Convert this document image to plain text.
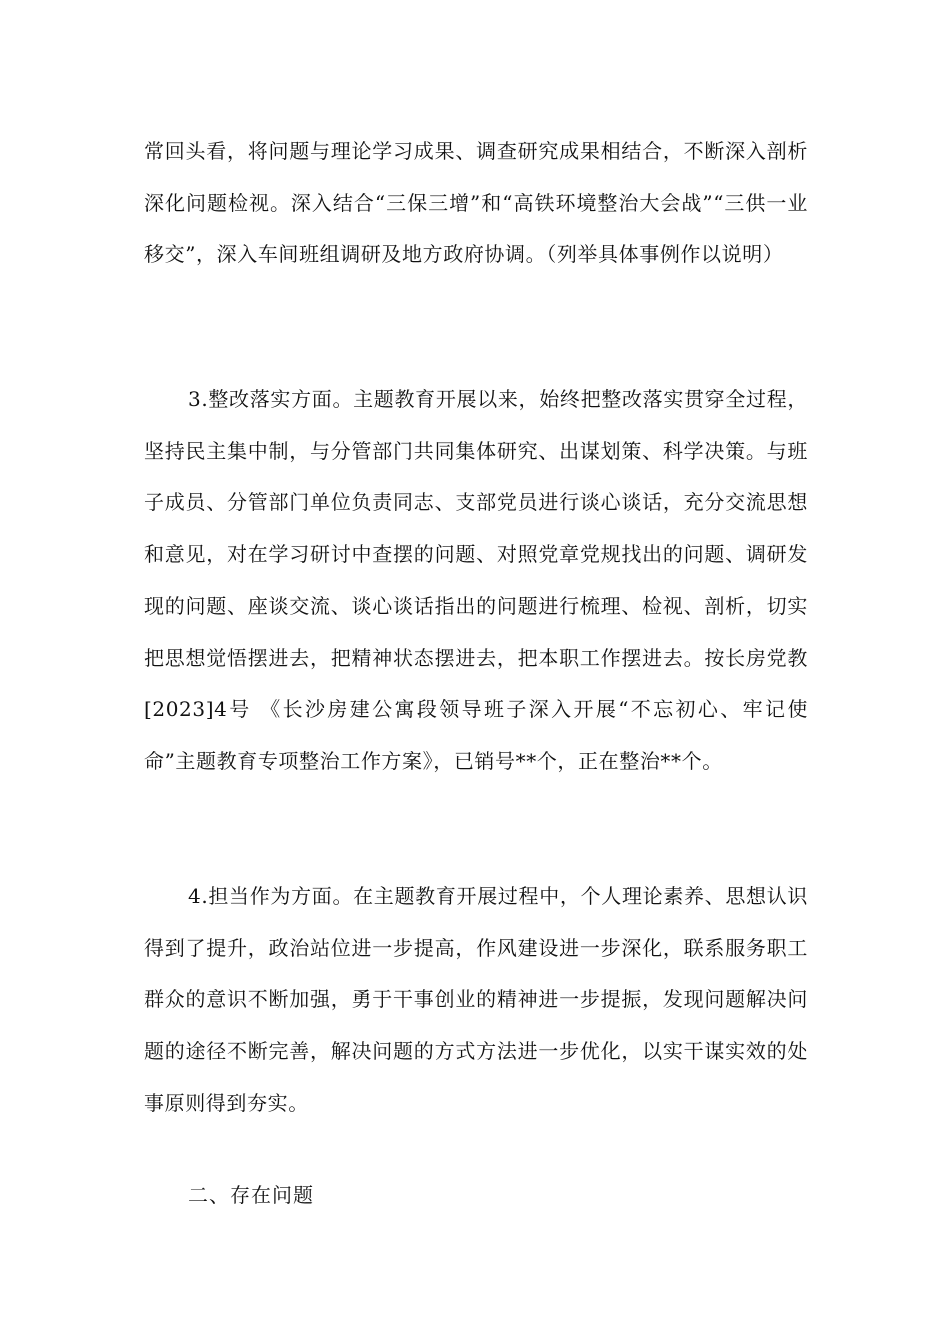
常回头看，将问题与理论学习成果、调查研究成果相结合，不断深入剖析深化问题检视。深入结合“三保三增”和“高铁环境整治大会战”“三供一业移交”，深入车间班组调研及地方政府协调。（列举具体事例作以说明）

3.整改落实方面。主题教育开展以来，始终把整改落实贯穿全过程，坚持民主集中制，与分管部门共同集体研究、出谋划策、科学决策。与班子成员、分管部门单位负责同志、支部党员进行谈心谈话，充分交流思想和意见，对在学习研讨中查摆的问题、对照党章党规找出的问题、调研发现的问题、座谈交流、谈心谈话指出的问题进行梳理、检视、剖析，切实把思想觉悟摆进去，把精神状态摆进去，把本职工作摆进去。按长房党教[2023]4号 《长沙房建公寓段领导班子深入开展“不忘初心、牢记使命”主题教育专项整治工作方案》，已销号**个，正在整治**个。

4.担当作为方面。在主题教育开展过程中，个人理论素养、思想认识得到了提升，政治站位进一步提高，作风建设进一步深化，联系服务职工群众的意识不断加强，勇于干事创业的精神进一步提振，发现问题解决问题的途径不断完善，解决问题的方式方法进一步优化，以实干谋实效的处事原则得到夯实。

二、存在问题
